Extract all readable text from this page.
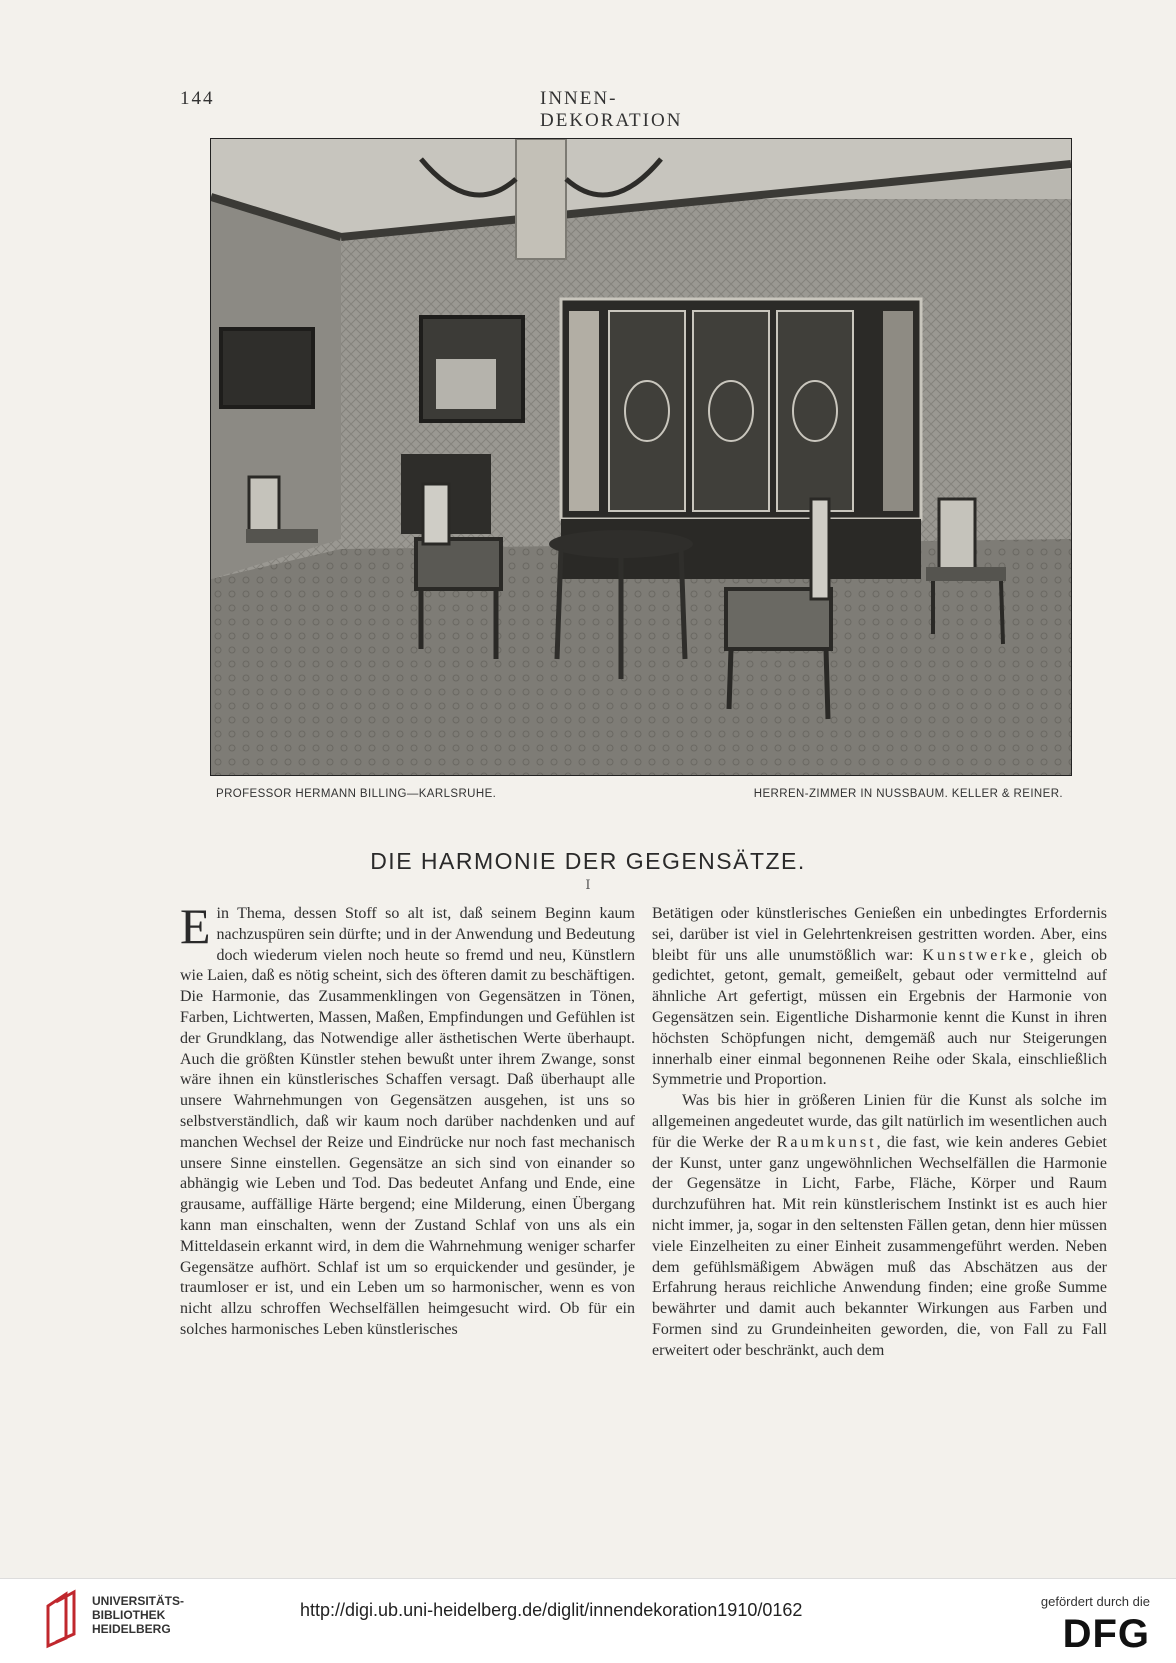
144	INNEN-DEKORATION
PROFESSOR HERMANN BILLING—KARLSRUHE.	HERREN-ZIMMER IN NUSSBAUM. KELLER & REINER.
DIE HARMONIE DER GEGENSÄTZE.
I

Ein Thema, dessen Stoff so alt ist, daß seinem Beginn kaum nachzuspüren sein dürfte; und in der Anwendung und Bedeutung doch wiederum vielen noch heute so fremd und neu, Künstlern wie Laien, daß es nötig scheint, sich des öfteren damit zu beschäftigen. Die Harmonie, das Zusammenklingen von Gegensätzen in Tönen, Farben, Lichtwerten, Massen, Maßen, Empfindungen und Gefühlen ist der Grundklang, das Notwendige aller ästhetischen Werte überhaupt. Auch die größten Künstler stehen bewußt unter ihrem Zwange, sonst wäre ihnen ein künstlerisches Schaffen versagt. Daß überhaupt alle unsere Wahrnehmungen von Gegensätzen ausgehen, ist uns so selbstverständlich, daß wir kaum noch darüber nachdenken und auf manchen Wechsel der Reize und Eindrücke nur noch fast mechanisch unsere Sinne einstellen. Gegensätze an sich sind von einander so abhängig wie Leben und Tod. Das bedeutet Anfang und Ende, eine grausame, auffällige Härte bergend; eine Milderung, einen Übergang kann man einschalten, wenn der Zustand Schlaf von uns als ein Mitteldasein erkannt wird, in dem die Wahrnehmung weniger scharfer Gegensätze aufhört. Schlaf ist um so erquickender und gesünder, je traumloser er ist, und ein Leben um so harmonischer, wenn es von nicht allzu schroffen Wechselfällen heimgesucht wird. Ob für ein solches harmonisches Leben künstlerisches

Betätigen oder künstlerisches Genießen ein unbedingtes Erfordernis sei, darüber ist viel in Gelehrtenkreisen gestritten worden. Aber, eins bleibt für uns alle unumstößlich war: Kunstwerke, gleich ob gedichtet, getont, gemalt, gemeißelt, gebaut oder vermittelnd auf ähnliche Art gefertigt, müssen ein Ergebnis der Harmonie von Gegensätzen sein. Eigentliche Disharmonie kennt die Kunst in ihren höchsten Schöpfungen nicht, demgemäß auch nur Steigerungen innerhalb einer einmal begonnenen Reihe oder Skala, einschließlich Symmetrie und Proportion.

Was bis hier in größeren Linien für die Kunst als solche im allgemeinen angedeutet wurde, das gilt natürlich im wesentlichen auch für die Werke der Raumkunst, die fast, wie kein anderes Gebiet der Kunst, unter ganz ungewöhnlichen Wechselfällen die Harmonie der Gegensätze in Licht, Farbe, Fläche, Körper und Raum durchzuführen hat. Mit rein künstlerischem Instinkt ist es auch hier nicht immer, ja, sogar in den seltensten Fällen getan, denn hier müssen viele Einzelheiten zu einer Einheit zusammengeführt werden. Neben dem gefühlsmäßigem Abwägen muß das Abschätzen aus der Erfahrung heraus reichliche Anwendung finden; eine große Summe bewährter und damit auch bekannter Wirkungen aus Farben und Formen sind zu Grundeinheiten geworden, die, von Fall zu Fall erweitert oder beschränkt, auch dem

UNIVERSITÄTS-
BIBLIOTHEK
HEIDELBERG
http://digi.ub.uni-heidelberg.de/diglit/innendekoration1910/0162	gefördert durch die
DFG
